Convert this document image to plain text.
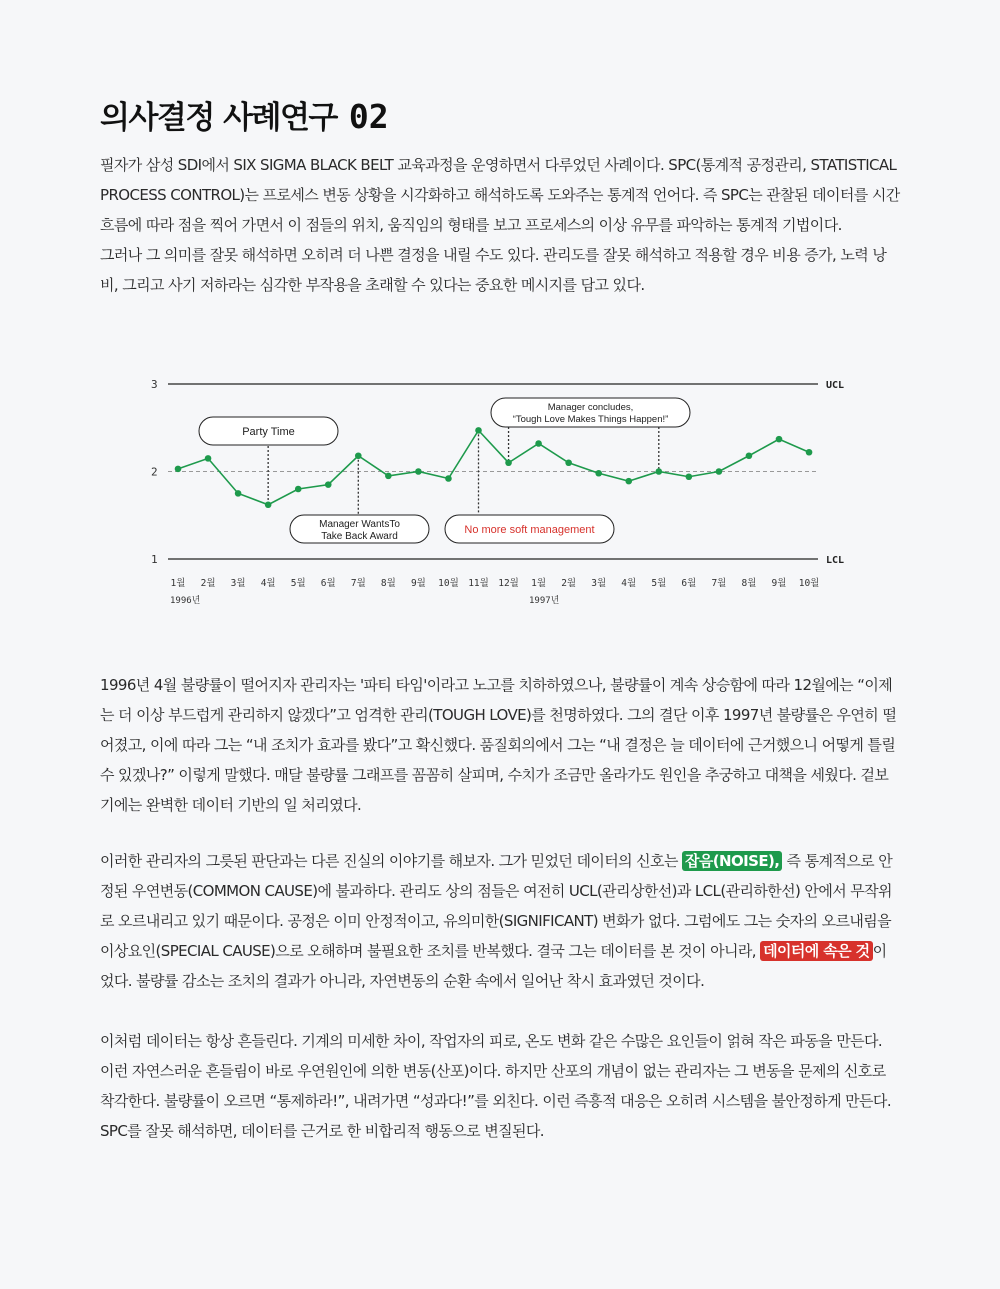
의사결정 사례연구 02

필자가 삼성 SDI에서 SIX SIGMA BLACK BELT 교육과정을 운영하면서 다루었던 사례이다. SPC(통계적 공정관리, STATISTICAL PROCESS CONTROL)는 프로세스 변동 상황을 시각화하고 해석하도록 도와주는 통계적 언어다. 즉 SPC는 관찰된 데이터를 시간 흐름에 따라 점을 찍어 가면서 이 점들의 위치, 움직임의 형태를 보고 프로세스의 이상 유무를 파악하는 통계적 기법이다.

그러나 그 의미를 잘못 해석하면 오히려 더 나쁜 결정을 내릴 수도 있다. 관리도를 잘못 해석하고 적용할 경우 비용 증가, 노력 낭비, 그리고 사기 저하라는 심각한 부작용을 초래할 수 있다는 중요한 메시지를 담고 있다.

3
2
1
UCL
LCL
Party Time
Manager WantsTo
Take Back Award
No more soft management
Manager concludes,
“Tough Love Makes Things Happen!”
1월 2월 3월 4월 5월 6월 7월 8월 9월 10월 11월 12월 1월 2월 3월 4월 5월 6월 7월 8월 9월 10월
1996년	1997년

1996년 4월 불량률이 떨어지자 관리자는 '파티 타임'이라고 노고를 치하하였으나, 불량률이 계속 상승함에 따라 12월에는 “이제는 더 이상 부드럽게 관리하지 않겠다”고 엄격한 관리(TOUGH LOVE)를 천명하였다. 그의 결단 이후 1997년 불량률은 우연히 떨어졌고, 이에 따라 그는 “내 조치가 효과를 봤다”고 확신했다. 품질회의에서 그는 “내 결정은 늘 데이터에 근거했으니 어떻게 틀릴 수 있겠나?” 이렇게 말했다. 매달 불량률 그래프를 꼼꼼히 살피며, 수치가 조금만 올라가도 원인을 추궁하고 대책을 세웠다. 겉보기에는 완벽한 데이터 기반의 일 처리였다.

이러한 관리자의 그릇된 판단과는 다른 진실의 이야기를 해보자. 그가 믿었던 데이터의 신호는 잡음(NOISE), 즉 통계적으로 안정된 우연변동(COMMON CAUSE)에 불과하다. 관리도 상의 점들은 여전히 UCL(관리상한선)과 LCL(관리하한선) 안에서 무작위로 오르내리고 있기 때문이다. 공정은 이미 안정적이고, 유의미한(SIGNIFICANT) 변화가 없다. 그럼에도 그는 숫자의 오르내림을 이상요인(SPECIAL CAUSE)으로 오해하며 불필요한 조치를 반복했다. 결국 그는 데이터를 본 것이 아니라, 데이터에 속은 것 이었다. 불량률 감소는 조치의 결과가 아니라, 자연변동의 순환 속에서 일어난 착시 효과였던 것이다.

이처럼 데이터는 항상 흔들린다. 기계의 미세한 차이, 작업자의 피로, 온도 변화 같은 수많은 요인들이 얽혀 작은 파동을 만든다. 이런 자연스러운 흔들림이 바로 우연원인에 의한 변동(산포)이다. 하지만 산포의 개념이 없는 관리자는 그 변동을 문제의 신호로 착각한다. 불량률이 오르면 “통제하라!”, 내려가면 “성과다!”를 외친다. 이런 즉흥적 대응은 오히려 시스템을 불안정하게 만든다. SPC를 잘못 해석하면, 데이터를 근거로 한 비합리적 행동으로 변질된다.
